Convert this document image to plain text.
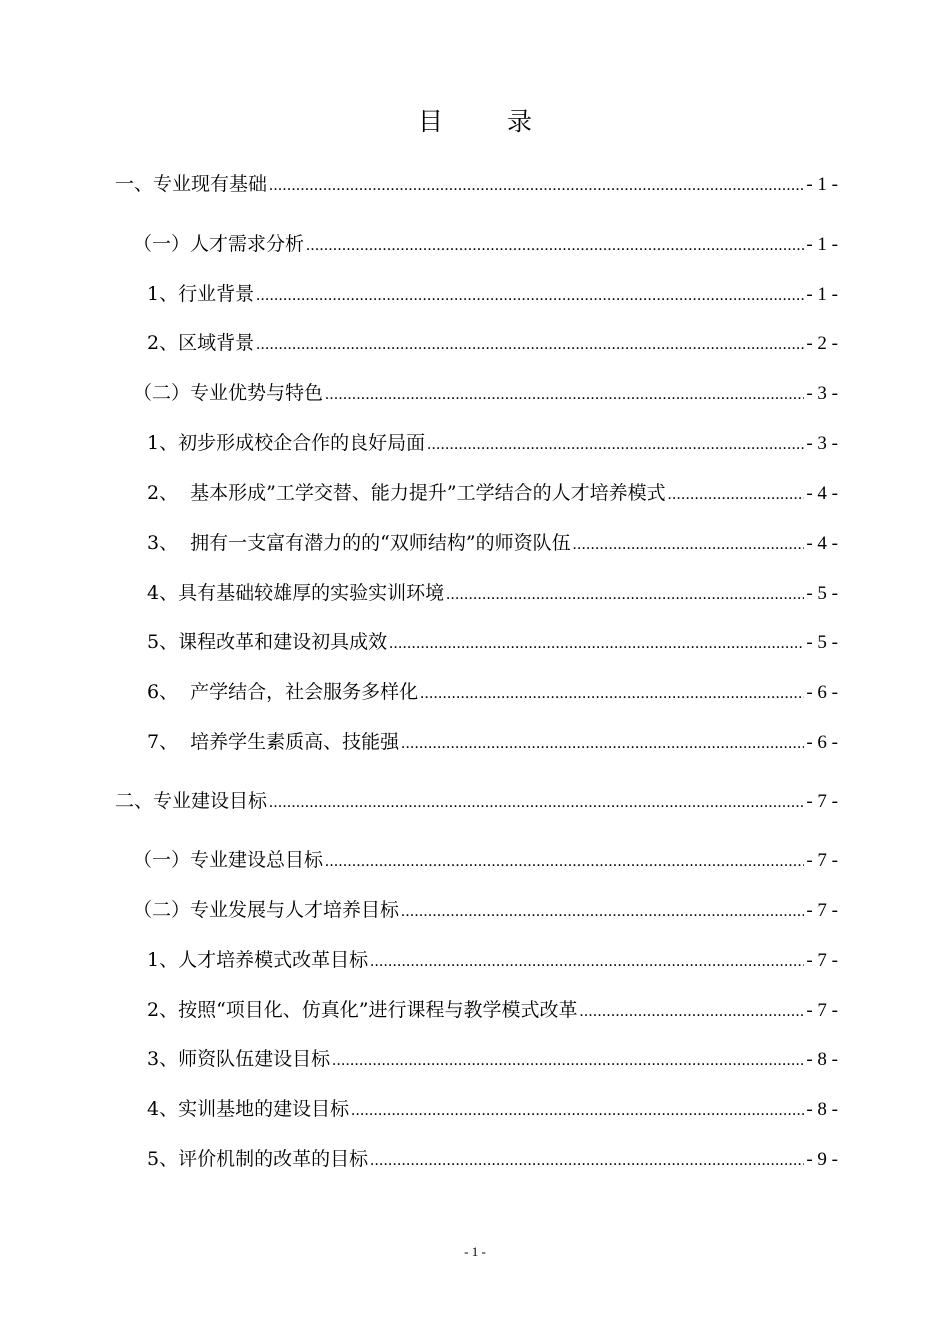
目 录
一、专业现有基础 .....	- 1 -
（一）人才需求分析 .....	- 1 -
1、行业背景 .....	- 1 -
2、区域背景 .....	- 2 -
（二）专业优势与特色 .....	- 3 -
1、初步形成校企合作的良好局面 .....	- 3 -
2、  基本形成”工学交替、能力提升”工学结合的人才培养模式 .....	- 4 -
3、  拥有一支富有潜力的的“双师结构”的师资队伍 .....	- 4 -
4、具有基础较雄厚的实验实训环境 .....	- 5 -
5、课程改革和建设初具成效 .....	- 5 -
6、  产学结合，社会服务多样化 .....	- 6 -
7、  培养学生素质高、技能强 .....	- 6 -
二、专业建设目标 .....	- 7 -
（一）专业建设总目标 .....	- 7 -
（二）专业发展与人才培养目标 .....	- 7 -
1、人才培养模式改革目标 .....	- 7 -
2、按照“项目化、仿真化”进行课程与教学模式改革 .....	- 7 -
3、师资队伍建设目标 .....	- 8 -
4、实训基地的建设目标 .....	- 8 -
5、评价机制的改革的目标 .....	- 9 -
- 1 -
